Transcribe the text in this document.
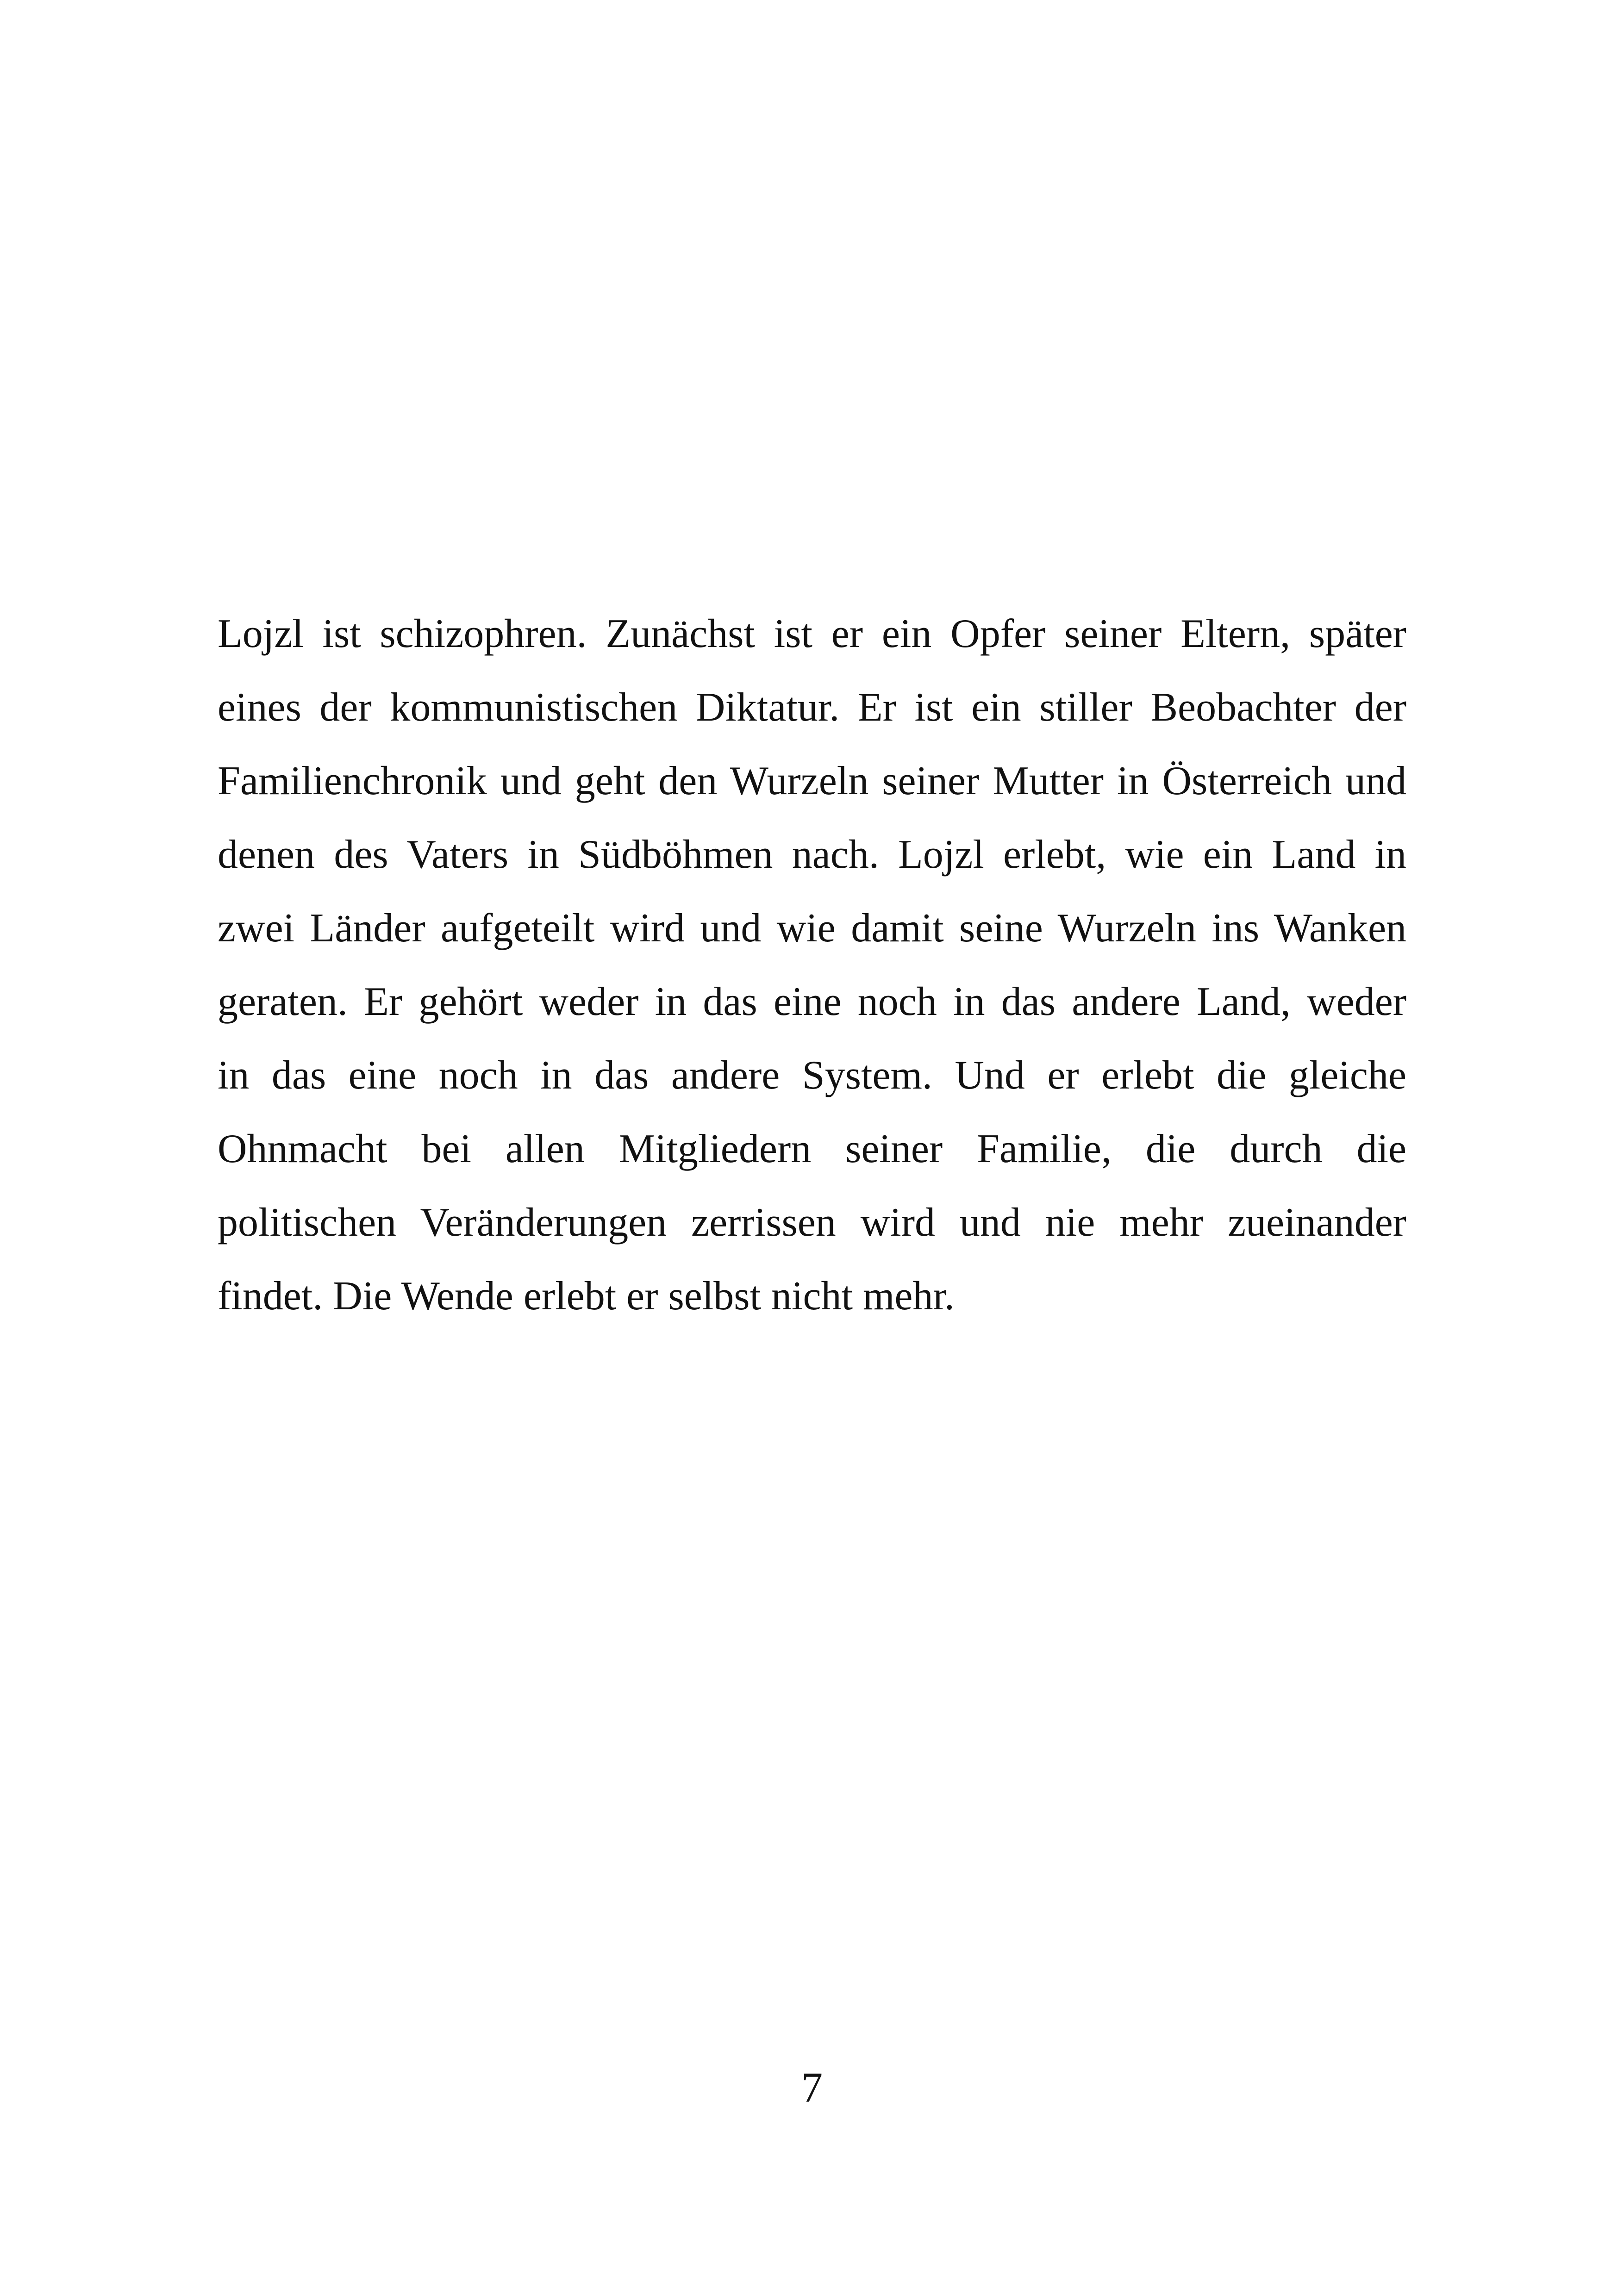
Lojzl ist schizophren. Zunächst ist er ein Opfer seiner Eltern, später
eines der kommunistischen Diktatur. Er ist ein stiller Beobachter der
Familienchronik und geht den Wurzeln seiner Mutter in Österreich und
denen des Vaters in Südböhmen nach. Lojzl erlebt, wie ein Land in
zwei Länder aufgeteilt wird und wie damit seine Wurzeln ins Wanken
geraten. Er gehört weder in das eine noch in das andere Land, weder
in das eine noch in das andere System. Und er erlebt die gleiche
Ohnmacht bei allen Mitgliedern seiner Familie, die durch die
politischen Veränderungen zerrissen wird und nie mehr zueinander
findet. Die Wende erlebt er selbst nicht mehr.
7
